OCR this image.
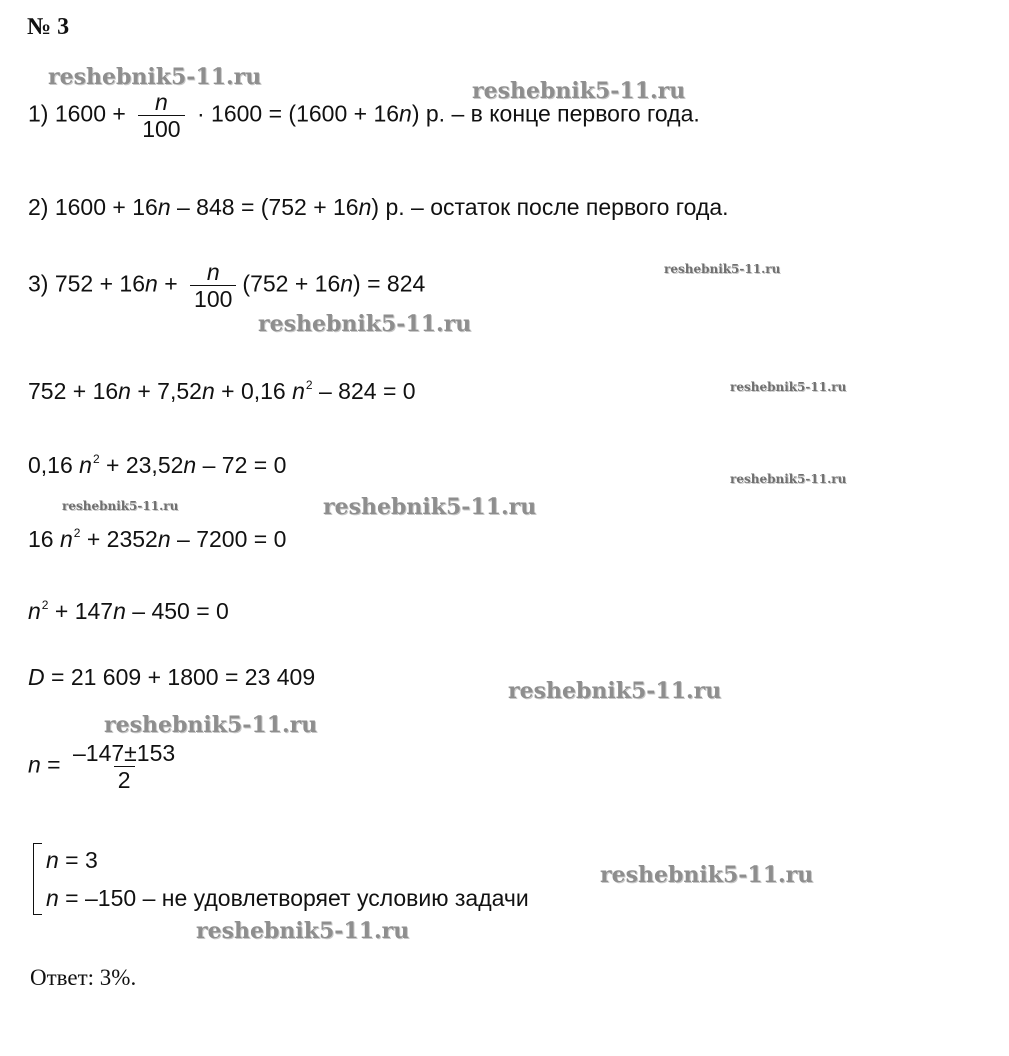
№ 3
reshebnik5-11.ru
reshebnik5-11.ru
reshebnik5-11.ru
reshebnik5-11.ru
reshebnik5-11.ru
reshebnik5-11.ru
reshebnik5-11.ru	reshebnik5-11.ru
reshebnik5-11.ru
reshebnik5-11.ru
reshebnik5-11.ru
reshebnik5-11.ru
1) $1600 + \frac{n}{100} \cdot 1600 = (1600 + 16n)$ р. – в конце первого года.
2) 1600 + 16n – 848 = (752 + 16n) р. – остаток после первого года.
3) $752 + 16n + \frac{n}{100} (752 + 16n) = 824$
752 + 16n + 7,52n + 0,16 $n^2 - 824 = 0$
0,16 $n^2 + 23,52n - 72 = 0$
16 $n^2 + 2352n - 7200 = 0$
$n^2 + 147n - 450 = 0$
D = 21 609 + 1800 = 23 409
$n = \frac{-147\pm 153}{2}$
n = 3
n = –150 – не удовлетворяет условию задачи
Ответ: 3%.
